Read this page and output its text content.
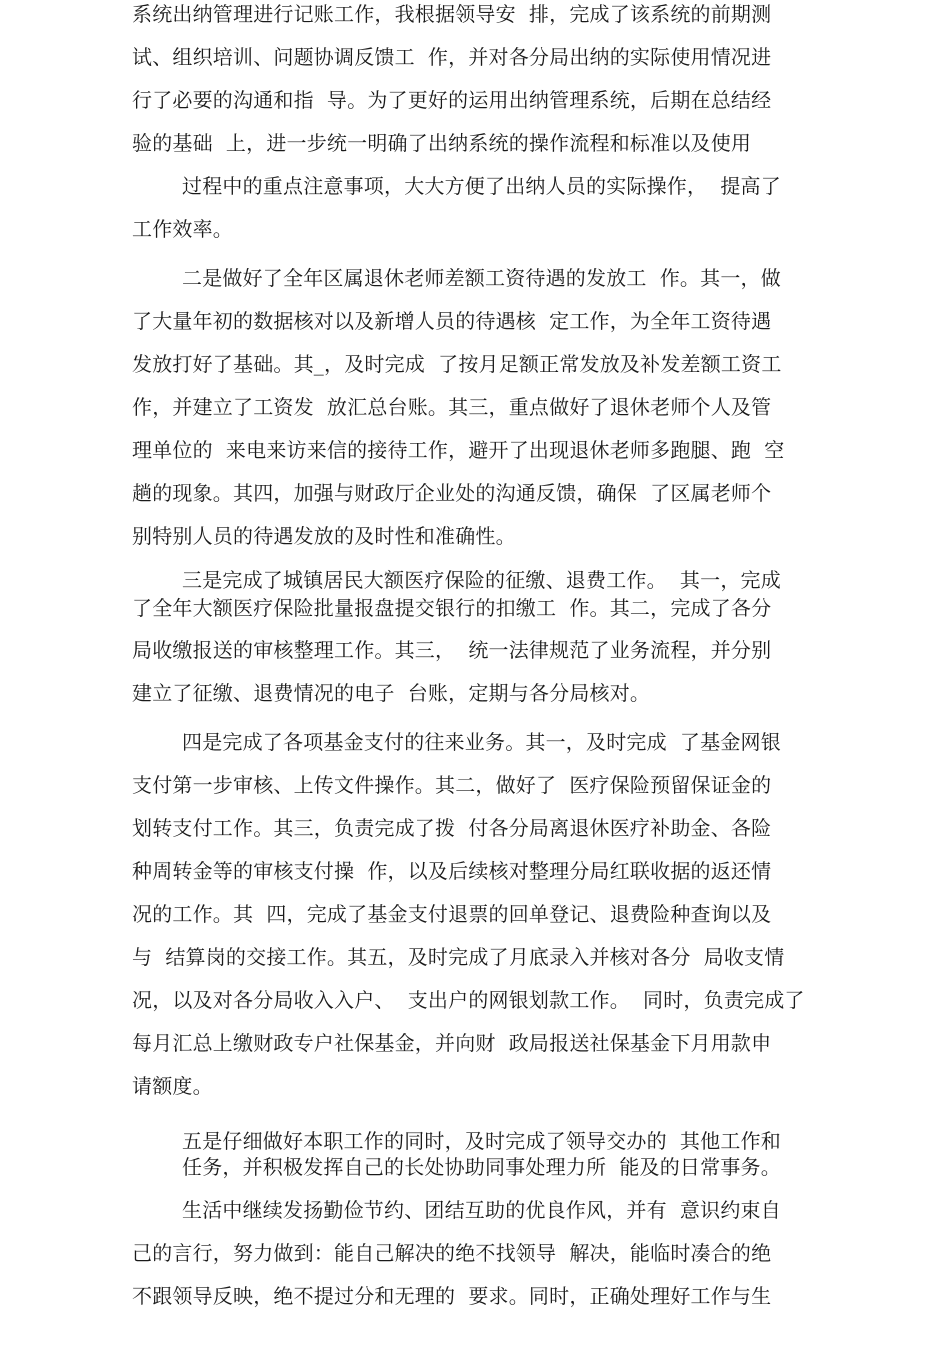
系统出纳管理进行记账工作，我根据领导安  排，完成了该系统的前期测
试、组织培训、问题协调反馈工  作，并对各分局出纳的实际使用情况进
行了必要的沟通和指  导。为了更好的运用出纳管理系统，后期在总结经
验的基础  上，进一步统一明确了出纳系统的操作流程和标准以及使用
过程中的重点注意事项，大大方便了出纳人员的实际操作，  提高了
工作效率。
二是做好了全年区属退休老师差额工资待遇的发放工  作。其一，做
了大量年初的数据核对以及新增人员的待遇核  定工作，为全年工资待遇
发放打好了基础。其_，及时完成  了按月足额正常发放及补发差额工资工
作，并建立了工资发  放汇总台账。其三，重点做好了退休老师个人及管
理单位的  来电来访来信的接待工作，避开了出现退休老师多跑腿、跑  空
趟的现象。其四，加强与财政厅企业处的沟通反馈，确保  了区属老师个
别特别人员的待遇发放的及时性和准确性。
三是完成了城镇居民大额医疗保险的征缴、退费工作。  其一，完成
了全年大额医疗保险批量报盘提交银行的扣缴工  作。其二，完成了各分
局收缴报送的审核整理工作。其三，  统一法律规范了业务流程，并分别
建立了征缴、退费情况的电子  台账，定期与各分局核对。
四是完成了各项基金支付的往来业务。其一，及时完成  了基金网银
支付第一步审核、上传文件操作。其二，做好了  医疗保险预留保证金的
划转支付工作。其三，负责完成了拨  付各分局离退休医疗补助金、各险
种周转金等的审核支付操  作，以及后续核对整理分局红联收据的返还情
况的工作。其  四，完成了基金支付退票的回单登记、退费险种查询以及
与  结算岗的交接工作。其五，及时完成了月底录入并核对各分  局收支情
况，以及对各分局收入入户、  支出户的网银划款工作。  同时，负责完成了
每月汇总上缴财政专户社保基金，并向财  政局报送社保基金下月用款申
请额度。
五是仔细做好本职工作的同时，及时完成了领导交办的  其他工作和
任务，并积极发挥自己的长处协助同事处理力所  能及的日常事务。
生活中继续发扬勤俭节约、团结互助的优良作风，并有  意识约束自
己的言行，努力做到：能自己解决的绝不找领导  解决，能临时凑合的绝
不跟领导反映，绝不提过分和无理的  要求。同时，正确处理好工作与生
